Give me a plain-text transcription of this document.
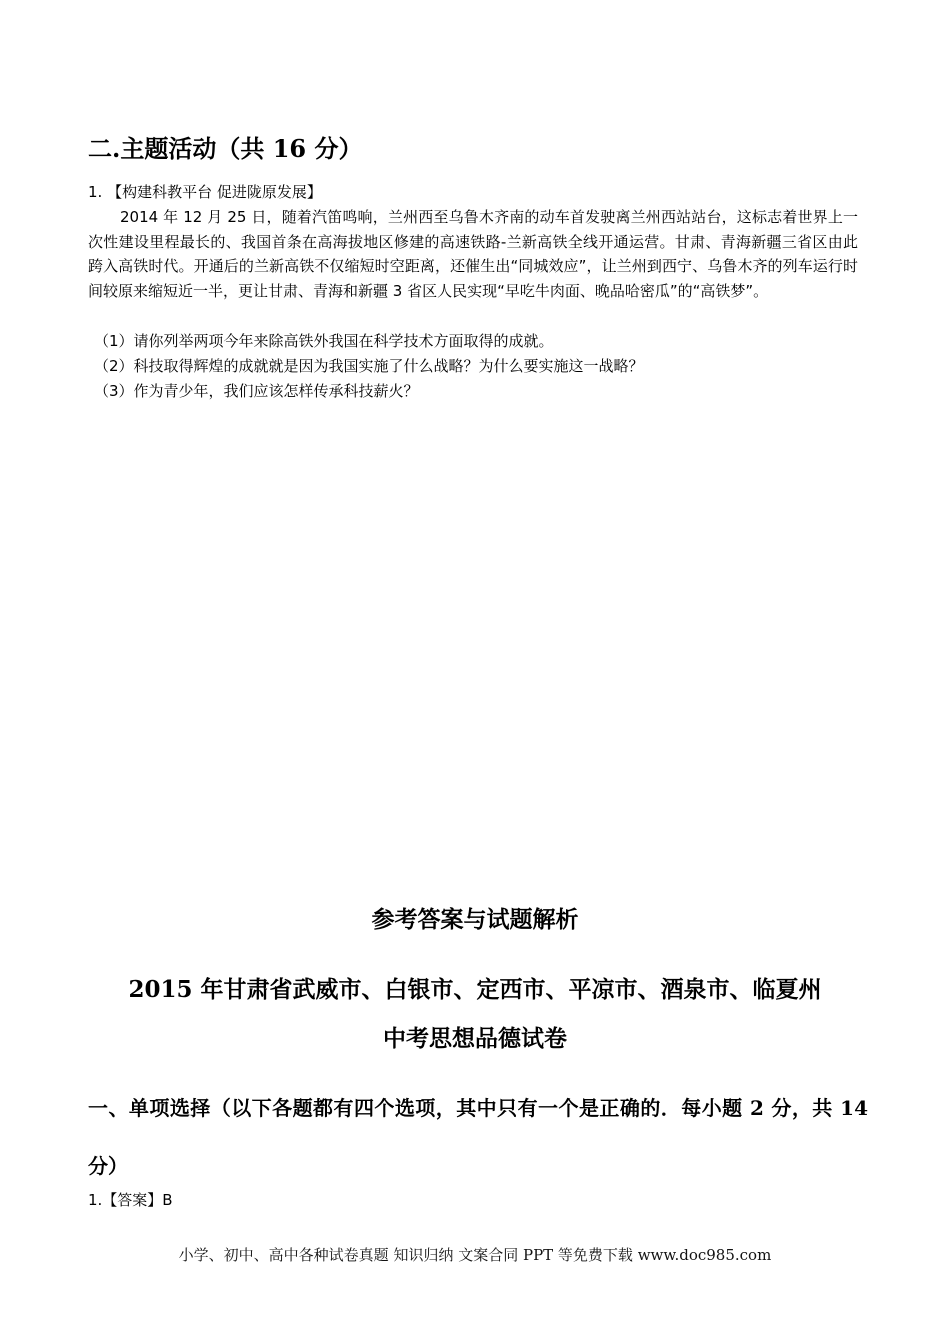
二.主题活动（共 16 分）

1. 【构建科教平台 促进陇原发展】

2014 年 12 月 25 日，随着汽笛鸣响，兰州西至乌鲁木齐南的动车首发驶离兰州西站站台，这标志着世界上一次性建设里程最长的、我国首条在高海拔地区修建的高速铁路-兰新高铁全线开通运营。甘肃、青海新疆三省区由此跨入高铁时代。开通后的兰新高铁不仅缩短时空距离，还催生出“同城效应”，让兰州到西宁、乌鲁木齐的列车运行时间较原来缩短近一半，更让甘肃、青海和新疆 3 省区人民实现“早吃牛肉面、晚品哈密瓜”的“高铁梦”。

（1）请你列举两项今年来除高铁外我国在科学技术方面取得的成就。

（2）科技取得辉煌的成就就是因为我国实施了什么战略？为什么要实施这一战略？

（3）作为青少年，我们应该怎样传承科技薪火？

参考答案与试题解析
2015 年甘肃省武威市、白银市、定西市、平凉市、酒泉市、临夏州
中考思想品德试卷
一、单项选择（以下各题都有四个选项，其中只有一个是正确的．每小题 2 分，共 14 分）

1.【答案】B

小学、初中、高中各种试卷真题 知识归纳 文案合同 PPT 等免费下载 www.doc985.com
